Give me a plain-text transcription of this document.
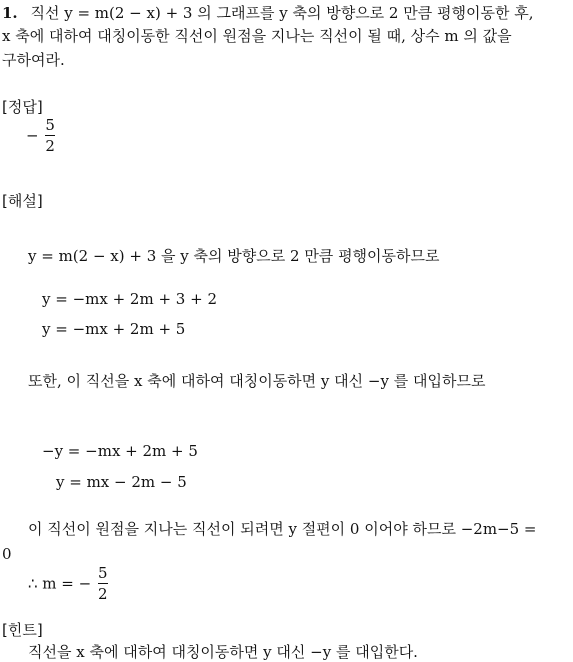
1. 직선 y = m(2 − x) + 3 의 그래프를 y 축의 방향으로 2 만큼 평행이동한 후,
x 축에 대하여 대칭이동한 직선이 원점을 지나는 직선이 될 때, 상수 m 의 값을
구하여라.
[정답]
− $\frac{5}{2}$
[해설]
y = m(2 − x) + 3 을 y 축의 방향으로 2 만큼 평행이동하므로
y = −mx + 2m + 3 + 2
y = −mx + 2m + 5
또한, 이 직선을 x 축에 대하여 대칭이동하면 y 대신 −y 를 대입하므로
−y = −mx + 2m + 5
y = mx − 2m − 5
이 직선이 원점을 지나는 직선이 되려면 y 절편이 0 이어야 하므로 −2m−5 =
0
∴ m = − $\frac{5}{2}$
[힌트]
직선을 x 축에 대하여 대칭이동하면 y 대신 −y 를 대입한다.
